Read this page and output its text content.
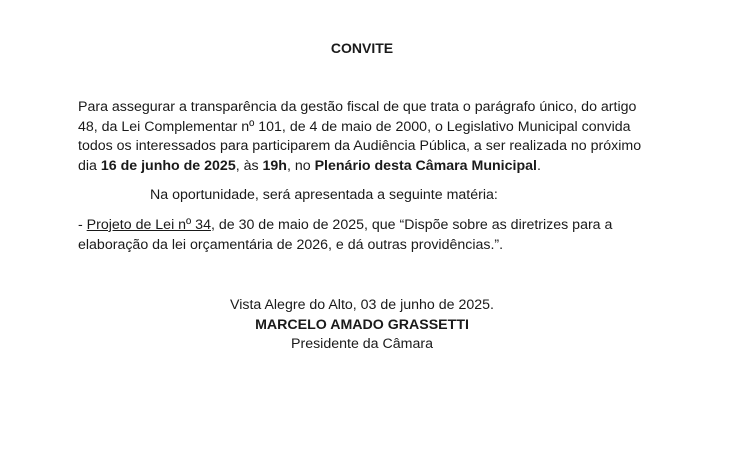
CONVITE
Para assegurar a transparência da gestão fiscal de que trata o parágrafo único, do artigo 48, da Lei Complementar nº 101, de 4 de maio de 2000, o Legislativo Municipal convida todos os interessados para participarem da Audiência Pública, a ser realizada no próximo dia 16 de junho de 2025, às 19h, no Plenário desta Câmara Municipal.
Na oportunidade, será apresentada a seguinte matéria:
- Projeto de Lei nº 34, de 30 de maio de 2025, que “Dispõe sobre as diretrizes para a elaboração da lei orçamentária de 2026, e dá outras providências.”.
Vista Alegre do Alto, 03 de junho de 2025.
MARCELO AMADO GRASSETTI
Presidente da Câmara
